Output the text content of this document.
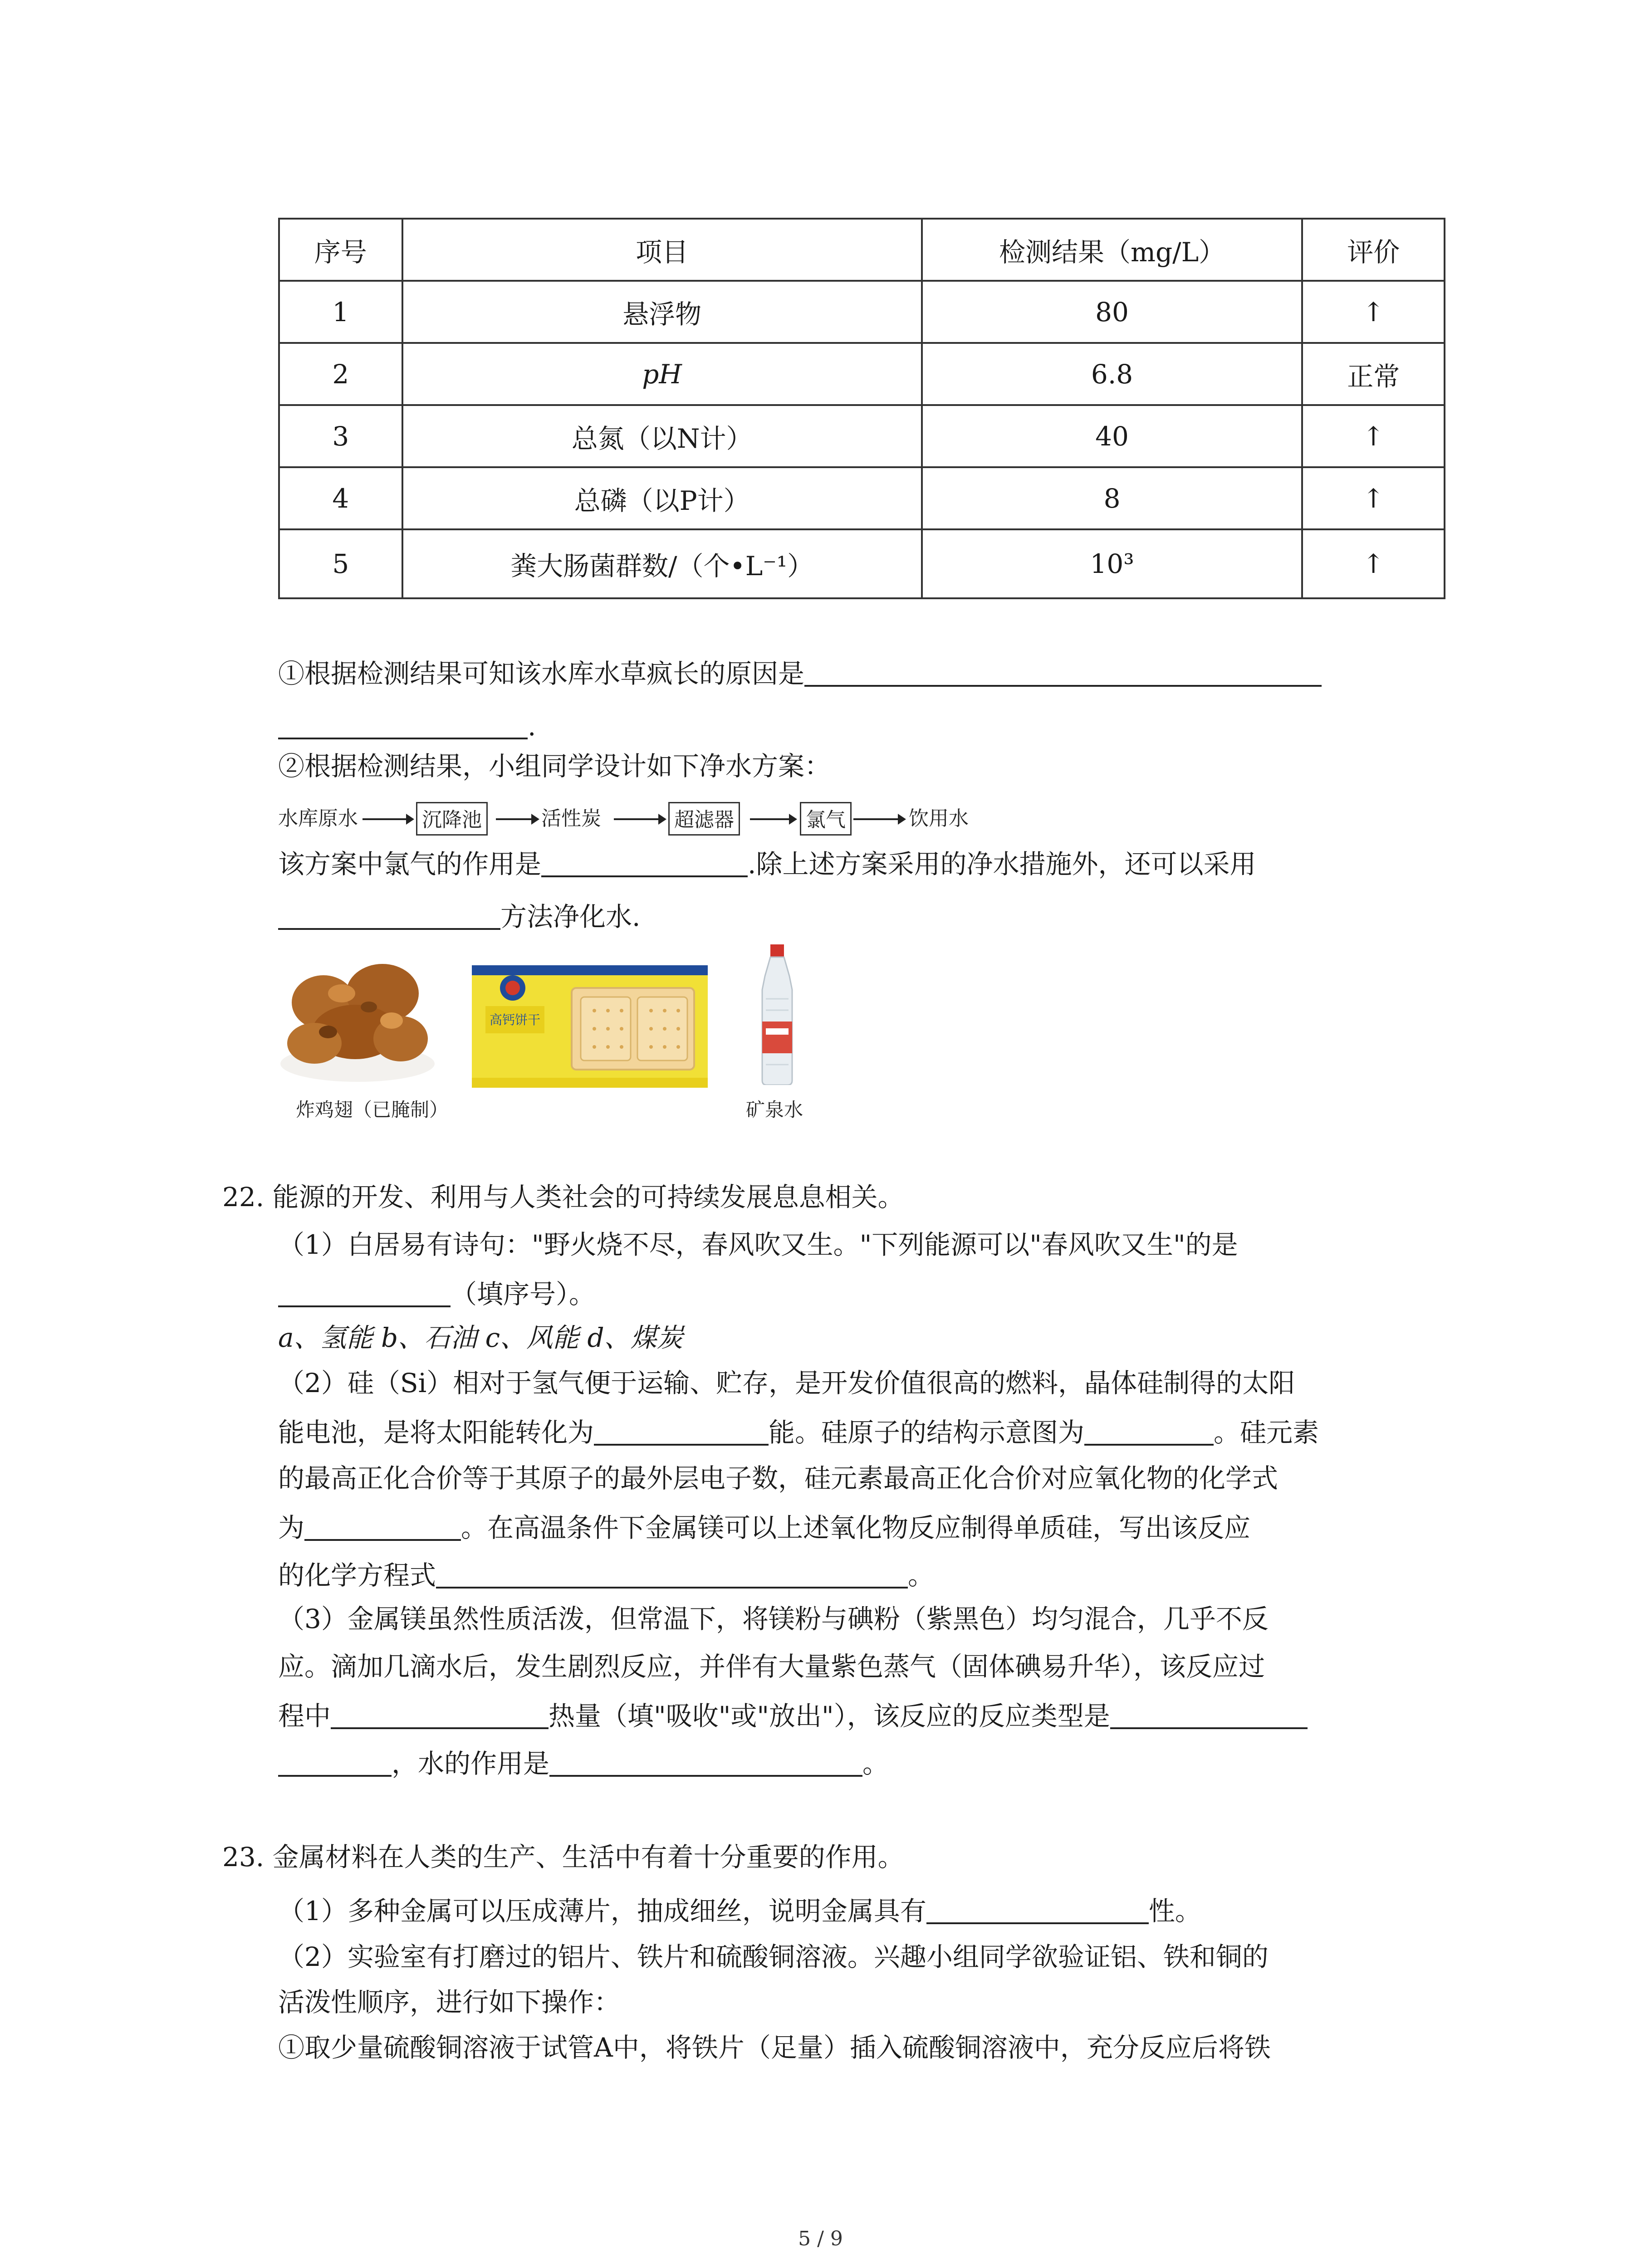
序号	项目	检测结果（mg/L）	评价
1	悬浮物	80	↑
2	pH	6.8	正常
3	总氮（以N计）	40	↑
4	总磷（以P计）	8	↑
5	粪大肠菌群数/（个•L⁻¹）	10³	↑
①根据检测结果可知该水库水草疯长的原因是
.
②根据检测结果，小组同学设计如下净水方案：
水库原水	沉降池	活性炭	超滤器	氯气	饮用水
该方案中氯气的作用是	.除上述方案采用的净水措施外，还可以采用
方法净化水.
炸鸡翅（已腌制）
高钙饼干
矿泉水
22. 能源的开发、利用与人类社会的可持续发展息息相关。
（1）白居易有诗句："野火烧不尽，春风吹又生。"下列能源可以"春风吹又生"的是
（填序号）。
a、氢能 b、石油 c、风能 d、煤炭
（2）硅（Si）相对于氢气便于运输、贮存，是开发价值很高的燃料，晶体硅制得的太阳
能电池，是将太阳能转化为	能。硅原子的结构示意图为	。硅元素
的最高正化合价等于其原子的最外层电子数，硅元素最高正化合价对应氧化物的化学式
为	。在高温条件下金属镁可以上述氧化物反应制得单质硅，写出该反应
的化学方程式	。
（3）金属镁虽然性质活泼，但常温下，将镁粉与碘粉（紫黑色）均匀混合，几乎不反
应。滴加几滴水后，发生剧烈反应，并伴有大量紫色蒸气（固体碘易升华），该反应过
程中	热量（填"吸收"或"放出"），该反应的反应类型是
，水的作用是	。
23. 金属材料在人类的生产、生活中有着十分重要的作用。
（1）多种金属可以压成薄片，抽成细丝，说明金属具有	性。
（2）实验室有打磨过的铝片、铁片和硫酸铜溶液。兴趣小组同学欲验证铝、铁和铜的
活泼性顺序，进行如下操作：
①取少量硫酸铜溶液于试管A中，将铁片（足量）插入硫酸铜溶液中，充分反应后将铁
5 / 9
